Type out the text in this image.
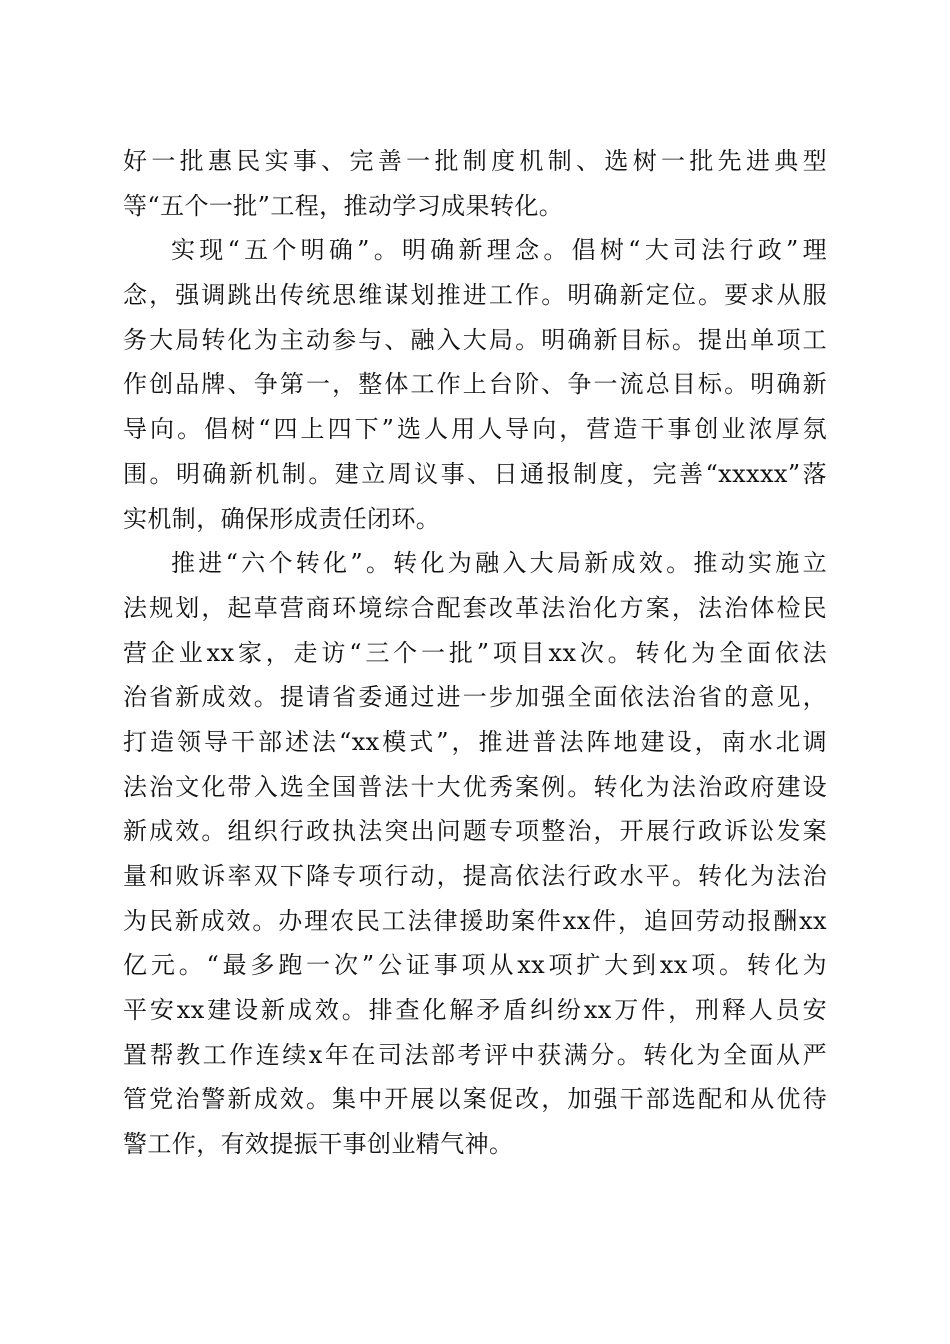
好一批惠民实事、完善一批制度机制、选树一批先进典型
等“五个一批”工程，推动学习成果转化。
实现“五个明确”。明确新理念。倡树“大司法行政”理
念，强调跳出传统思维谋划推进工作。明确新定位。要求从服
务大局转化为主动参与、融入大局。明确新目标。提出单项工
作创品牌、争第一，整体工作上台阶、争一流总目标。明确新
导向。倡树“四上四下”选人用人导向，营造干事创业浓厚氛
围。明确新机制。建立周议事、日通报制度，完善“xxxxx”落
实机制，确保形成责任闭环。
推进“六个转化”。转化为融入大局新成效。推动实施立
法规划，起草营商环境综合配套改革法治化方案，法治体检民
营企业xx家，走访“三个一批”项目xx次。转化为全面依法
治省新成效。提请省委通过进一步加强全面依法治省的意见，
打造领导干部述法“xx模式”，推进普法阵地建设，南水北调
法治文化带入选全国普法十大优秀案例。转化为法治政府建设
新成效。组织行政执法突出问题专项整治，开展行政诉讼发案
量和败诉率双下降专项行动，提高依法行政水平。转化为法治
为民新成效。办理农民工法律援助案件xx件，追回劳动报酬xx
亿元。“最多跑一次”公证事项从xx项扩大到xx项。转化为
平安xx建设新成效。排查化解矛盾纠纷xx万件，刑释人员安
置帮教工作连续x年在司法部考评中获满分。转化为全面从严
管党治警新成效。集中开展以案促改，加强干部选配和从优待
警工作，有效提振干事创业精气神。
